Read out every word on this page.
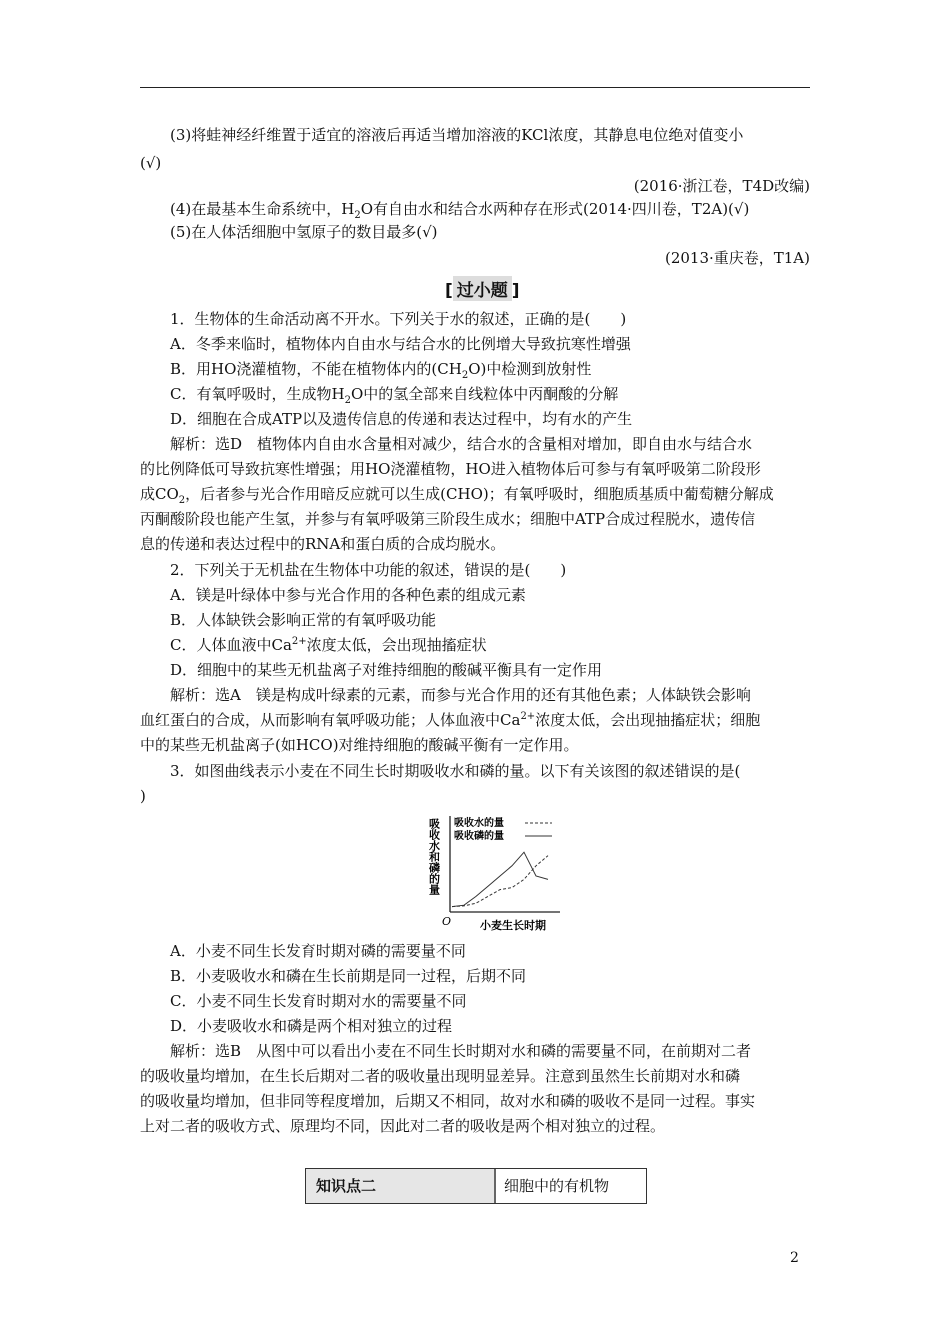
(3)将蛙神经纤维置于适宜的溶液后再适当增加溶液的KCl浓度，其静息电位绝对值变小
(√)
(2016·浙江卷，T4D改编)
(4)在最基本生命系统中，$H_2O$有自由水和结合水两种存在形式(2014·四川卷，T2A)(√)
(5)在人体活细胞中氢原子的数目最多(√)
(2013·重庆卷，T1A)
[ 过小题 ]
1．生物体的生命活动离不开水。下列关于水的叙述，正确的是(　　)
A．冬季来临时，植物体内自由水与结合水的比例增大导致抗寒性增强
B．用HO浇灌植物，不能在植物体内的$(CH_2O)$中检测到放射性
C．有氧呼吸时，生成物$H_2O$中的氢全部来自线粒体中丙酮酸的分解
D．细胞在合成ATP以及遗传信息的传递和表达过程中，均有水的产生
解析：选D　植物体内自由水含量相对减少，结合水的含量相对增加，即自由水与结合水
的比例降低可导致抗寒性增强；用HO浇灌植物，HO进入植物体后可参与有氧呼吸第二阶段形
成$CO_2$，后者参与光合作用暗反应就可以生成(CHO)；有氧呼吸时，细胞质基质中葡萄糖分解成
丙酮酸阶段也能产生氢，并参与有氧呼吸第三阶段生成水；细胞中ATP合成过程脱水，遗传信
息的传递和表达过程中的RNA和蛋白质的合成均脱水。
2．下列关于无机盐在生物体中功能的叙述，错误的是(　　)
A．镁是叶绿体中参与光合作用的各种色素的组成元素
B．人体缺铁会影响正常的有氧呼吸功能
C．人体血液中$Ca^{2+}$浓度太低，会出现抽搐症状
D．细胞中的某些无机盐离子对维持细胞的酸碱平衡具有一定作用
解析：选A　镁是构成叶绿素的元素，而参与光合作用的还有其他色素；人体缺铁会影响
血红蛋白的合成，从而影响有氧呼吸功能；人体血液中$Ca^{2+}$浓度太低，会出现抽搐症状；细胞
中的某些无机盐离子(如HCO)对维持细胞的酸碱平衡有一定作用。
3．如图曲线表示小麦在不同生长时期吸收水和磷的量。以下有关该图的叙述错误的是(
)
吸收水和磷的量
O	小麦生长时期
吸收水的量
吸收磷的量
A．小麦不同生长发育时期对磷的需要量不同
B．小麦吸收水和磷在生长前期是同一过程，后期不同
C．小麦不同生长发育时期对水的需要量不同
D．小麦吸收水和磷是两个相对独立的过程
解析：选B　从图中可以看出小麦在不同生长时期对水和磷的需要量不同，在前期对二者
的吸收量均增加，在生长后期对二者的吸收量出现明显差异。注意到虽然生长前期对水和磷
的吸收量均增加，但非同等程度增加，后期又不相同，故对水和磷的吸收不是同一过程。事实
上对二者的吸收方式、原理均不同，因此对二者的吸收是两个相对独立的过程。
知识点二	细胞中的有机物
2
